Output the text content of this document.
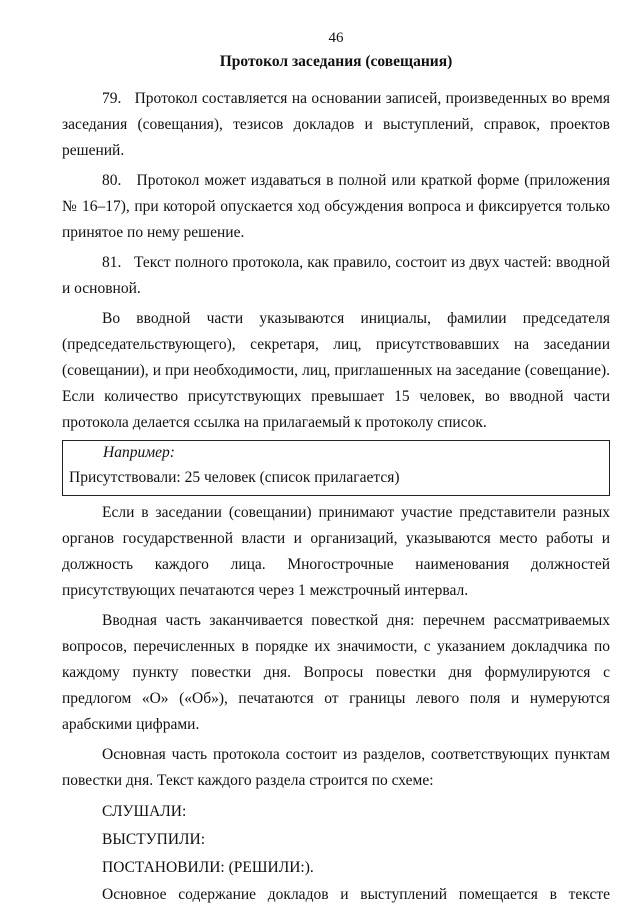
46
Протокол заседания (совещания)

79.   Протокол составляется на основании записей, произведенных во время заседания (совещания), тезисов докладов и выступлений, справок, проектов решений.

80.   Протокол может издаваться в полной или краткой форме (приложения № 16–17), при которой опускается ход обсуждения вопроса и фиксируется только принятое по нему решение.

81.   Текст полного протокола, как правило, состоит из двух частей: вводной и основной.

Во вводной части указываются инициалы, фамилии председателя (председательствующего), секретаря, лиц, присутствовавших на заседании (совещании), и при необходимости, лиц, приглашенных на заседание (совещание). Если количество присутствующих превышает 15 человек, во вводной части протокола делается ссылка на прилагаемый к протоколу список.

Например:
Присутствовали: 25 человек (список прилагается)

Если в заседании (совещании) принимают участие представители разных органов государственной власти и организаций, указываются место работы и должность каждого лица. Многострочные наименования должностей присутствующих печатаются через 1 межстрочный интервал.

Вводная часть заканчивается повесткой дня: перечнем рассматриваемых вопросов, перечисленных в порядке их значимости, с указанием докладчика по каждому пункту повестки дня. Вопросы повестки дня формулируются с предлогом «О» («Об»), печатаются от границы левого поля и нумеруются арабскими цифрами.

Основная часть протокола состоит из разделов, соответствующих пунктам повестки дня. Текст каждого раздела строится по схеме:

СЛУШАЛИ:

ВЫСТУПИЛИ:

ПОСТАНОВИЛИ: (РЕШИЛИ:).

Основное содержание докладов и выступлений помещается в тексте
